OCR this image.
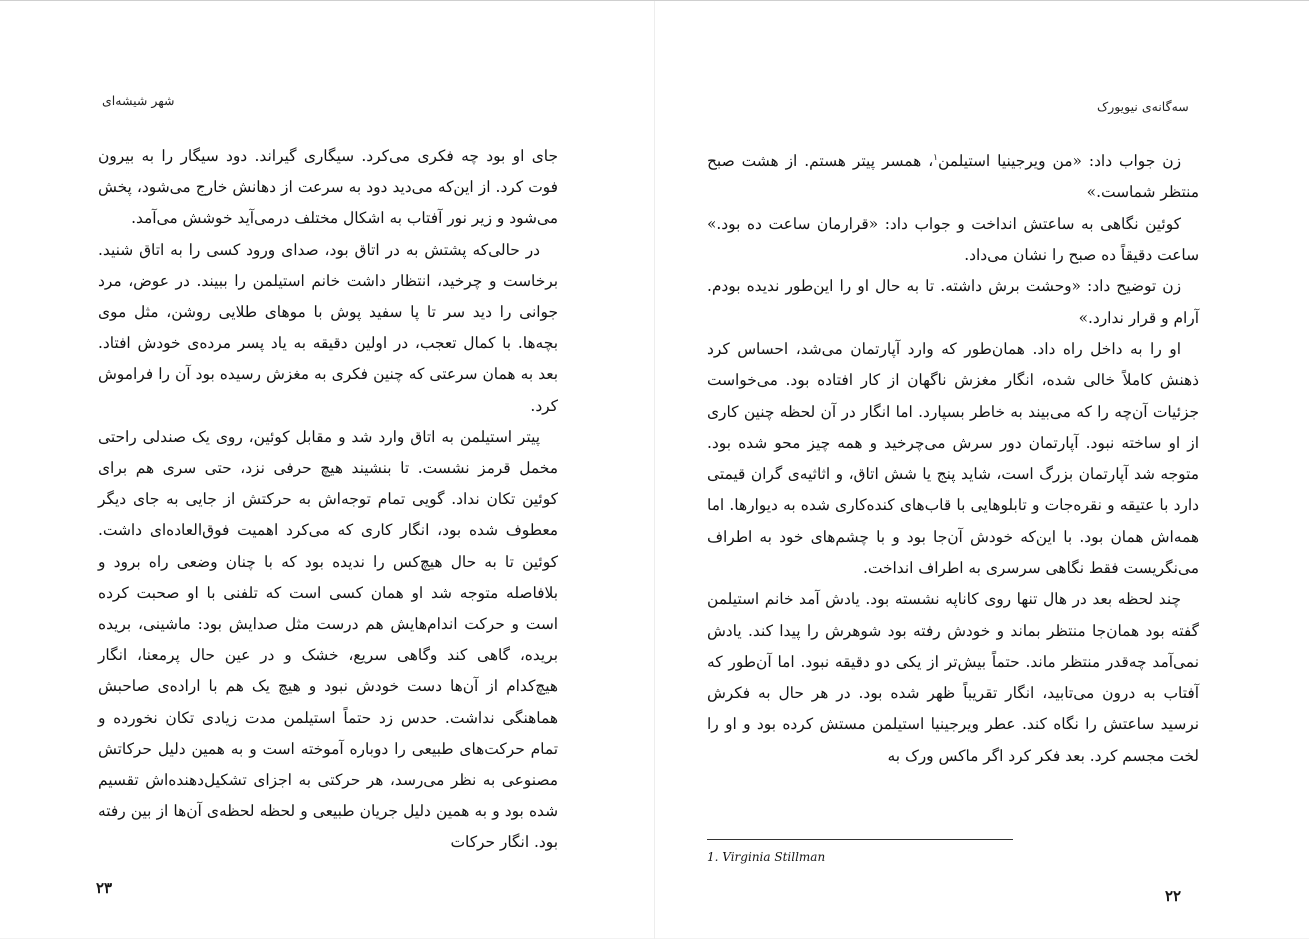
شهر شیشه‌ای

جای او بود چه فکری می‌کرد. سیگاری گیراند. دود سیگار را به بیرون فوت کرد. از این‌که می‌دید دود به سرعت از دهانش خارج می‌شود، پخش می‌شود و زیر نور آفتاب به اشکال مختلف درمی‌آید خوشش می‌آمد.

در حالی‌که پشتش به در اتاق بود، صدای ورود کسی را به اتاق شنید. برخاست و چرخید، انتظار داشت خانم استیلمن را ببیند. در عوض، مرد جوانی را دید سر تا پا سفید پوش با موهای طلایی روشن، مثل موی بچه‌ها. با کمال تعجب، در اولین دقیقه به یاد پسر مرده‌ی خودش افتاد. بعد به همان سرعتی که چنین فکری به مغزش رسیده بود آن را فراموش کرد.

پیتر استیلمن به اتاق وارد شد و مقابل کوئین، روی یک صندلی راحتی مخمل قرمز نشست. تا بنشیند هیچ حرفی نزد، حتی سری هم برای کوئین تکان نداد. گویی تمام توجه‌اش به حرکتش از جایی به جای دیگر معطوف شده بود، انگار کاری که می‌کرد اهمیت فوق‌العاده‌ای داشت. کوئین تا به حال هیچ‌کس را ندیده بود که با چنان وضعی راه برود و بلافاصله متوجه شد او همان کسی است که تلفنی با او صحبت کرده است و حرکت اندام‌هایش هم درست مثل صدایش بود: ماشینی، بریده بریده، گاهی کند وگاهی سریع، خشک و در عین حال پرمعنا، انگار هیچ‌کدام از آن‌ها دست خودش نبود و هیچ یک هم با اراده‌ی صاحبش هماهنگی نداشت. حدس زد حتماً استیلمن مدت زیادی تکان نخورده و تمام حرکت‌های طبیعی را دوباره آموخته است و به همین دلیل حرکاتش مصنوعی به نظر می‌رسد، هر حرکتی به اجزای تشکیل‌دهنده‌اش تقسیم شده بود و به همین دلیل جریان طبیعی و لحظه لحظه‌ی آن‌ها از بین رفته بود. انگار حرکات

۲۳
سه‌گانه‌ی نیویورک

زن جواب داد: «من ویرجینیا استیلمن$^۱$، همسر پیتر هستم. از هشت صبح منتظر شماست.»

کوئین نگاهی به ساعتش انداخت و جواب داد: «قرارمان ساعت ده بود.» ساعت دقیقاً ده صبح را نشان می‌داد.

زن توضیح داد: «وحشت برش داشته. تا به حال او را این‌طور ندیده بودم. آرام و قرار ندارد.»

او را به داخل راه داد. همان‌طور که وارد آپارتمان می‌شد، احساس کرد ذهنش کاملاً خالی شده، انگار مغزش ناگهان از کار افتاده بود. می‌خواست جزئیات آن‌چه را که می‌بیند به خاطر بسپارد. اما انگار در آن لحظه چنین کاری از او ساخته نبود. آپارتمان دور سرش می‌چرخید و همه چیز محو شده بود. متوجه شد آپارتمان بزرگ است، شاید پنج یا شش اتاق، و اثاثیه‌ی گران قیمتی دارد با عتیقه و نقره‌جات و تابلوهایی با قاب‌های کنده‌کاری شده به دیوارها. اما همه‌اش همان بود. با این‌که خودش آن‌جا بود و با چشم‌های خود به اطراف می‌نگریست فقط نگاهی سرسری به اطراف انداخت.

چند لحظه بعد در هال تنها روی کاناپه نشسته بود. یادش آمد خانم استیلمن گفته بود همان‌جا منتظر بماند و خودش رفته بود شوهرش را پیدا کند. یادش نمی‌آمد چه‌قدر منتظر ماند. حتماً بیش‌تر از یکی دو دقیقه نبود. اما آن‌طور که آفتاب به درون می‌تابید، انگار تقریباً ظهر شده بود. در هر حال به فکرش نرسید ساعتش را نگاه کند. عطر ویرجینیا استیلمن مستش کرده بود و او را لخت مجسم کرد. بعد فکر کرد اگر ماکس ورک به

1. Virginia Stillman
۲۲
